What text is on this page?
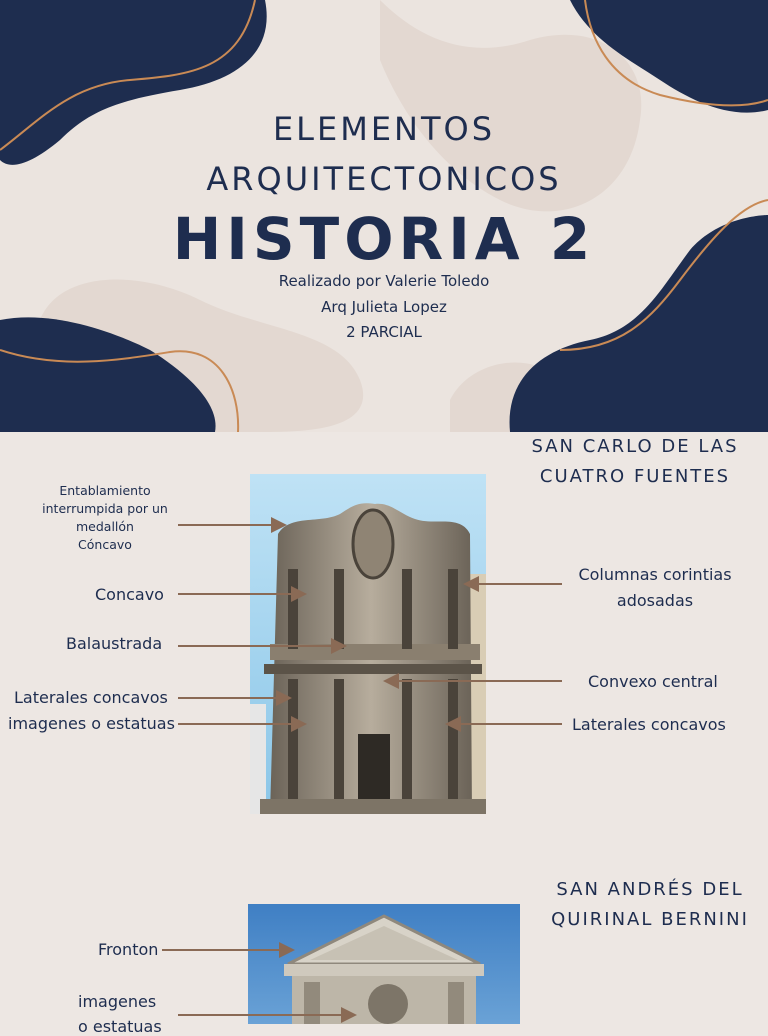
ELEMENTOS
ARQUITECTONICOS
HISTORIA 2
Realizado por Valerie Toledo
Arq Julieta Lopez
2 PARCIAL
SAN CARLO DE LAS
CUATRO FUENTES
Entablamiento
interrumpida por un
medallón
Cóncavo
Concavo
Balaustrada
Laterales concavos
imagenes o estatuas
Columnas corintias
adosadas
Convexo central
Laterales concavos
SAN ANDRÉS DEL
QUIRINAL BERNINI
Fronton
imagenes
o estatuas
